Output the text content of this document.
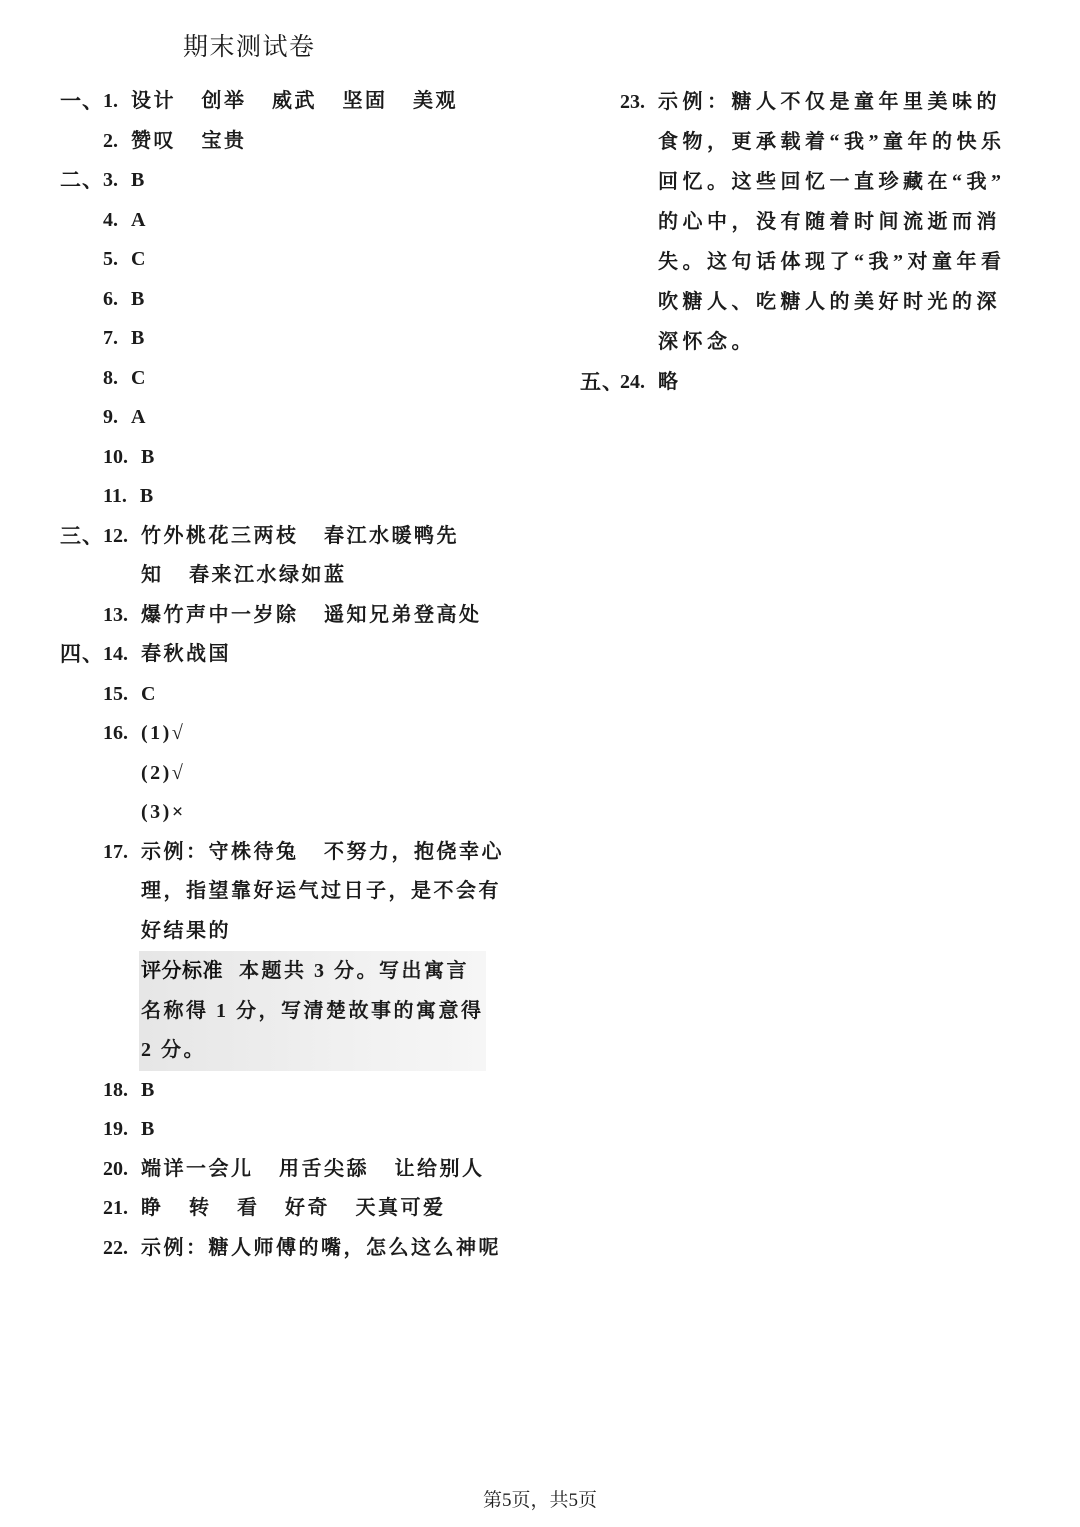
期末测试卷
一、 1. 设计 创举 威武 坚固 美观
2. 赞叹 宝贵
二、 3. B
4. A
5. C
6. B
7. B
8. C
9. A
10. B
11. B
三、 12. 竹外桃花三两枝 春江水暖鸭先
知 春来江水绿如蓝
13. 爆竹声中一岁除 遥知兄弟登高处
四、 14. 春秋战国
15. C
16. (1)√
(2)√
(3)×
17. 示例：守株待兔 不努力，抱侥幸心
理，指望靠好运气过日子，是不会有
好结果的
评分标准 本题共 3 分。写出寓言
名称得 1 分，写清楚故事的寓意得
2 分。
18. B
19. B
20. 端详一会儿 用舌尖舔 让给别人
21. 睁 转 看 好奇 天真可爱
22. 示例：糖人师傅的嘴，怎么这么神呢
23. 示例：糖人不仅是童年里美味的
食物，更承载着“我”童年的快乐
回忆。这些回忆一直珍藏在“我”
的心中，没有随着时间流逝而消
失。这句话体现了“我”对童年看
吹糖人、吃糖人的美好时光的深
深怀念。
五、
24. 略
第5页，共5页
